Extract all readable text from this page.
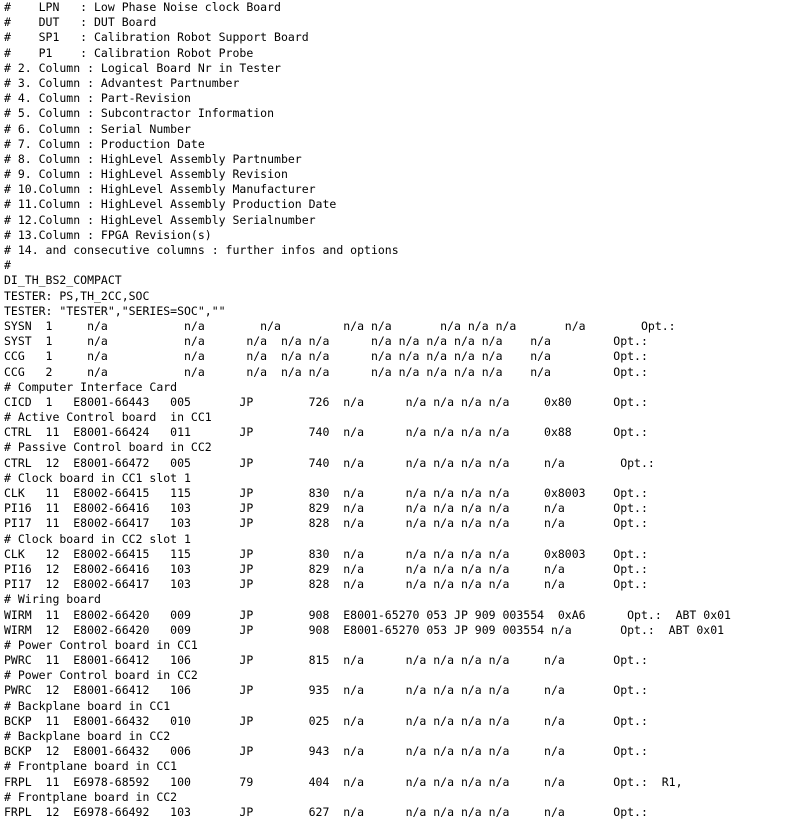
#    LPN   : Low Phase Noise clock Board
#    DUT   : DUT Board
#    SP1   : Calibration Robot Support Board
#    P1    : Calibration Robot Probe
# 2. Column : Logical Board Nr in Tester
# 3. Column : Advantest Partnumber
# 4. Column : Part-Revision
# 5. Column : Subcontractor Information
# 6. Column : Serial Number
# 7. Column : Production Date
# 8. Column : HighLevel Assembly Partnumber
# 9. Column : HighLevel Assembly Revision
# 10.Column : HighLevel Assembly Manufacturer
# 11.Column : HighLevel Assembly Production Date
# 12.Column : HighLevel Assembly Serialnumber
# 13.Column : FPGA Revision(s)
# 14. and consecutive columns : further infos and options
#
DI_TH_BS2_COMPACT
TESTER: PS,TH_2CC,SOC
TESTER: "TESTER","SERIES=SOC",""
SYSN  1     n/a           n/a        n/a         n/a n/a       n/a n/a n/a       n/a        Opt.:
SYST  1     n/a           n/a      n/a  n/a n/a      n/a n/a n/a n/a n/a    n/a         Opt.:
CCG   1     n/a           n/a      n/a  n/a n/a      n/a n/a n/a n/a n/a    n/a         Opt.:
CCG   2     n/a           n/a      n/a  n/a n/a      n/a n/a n/a n/a n/a    n/a         Opt.:
# Computer Interface Card
CICD  1   E8001-66443   005       JP        726  n/a      n/a n/a n/a n/a     0x80      Opt.:
# Active Control board  in CC1
CTRL  11  E8001-66424   011       JP        740  n/a      n/a n/a n/a n/a     0x88      Opt.:
# Passive Control board in CC2
CTRL  12  E8001-66472   005       JP        740  n/a      n/a n/a n/a n/a     n/a        Opt.:
# Clock board in CC1 slot 1
CLK   11  E8002-66415   115       JP        830  n/a      n/a n/a n/a n/a     0x8003    Opt.:
PI16  11  E8002-66416   103       JP        829  n/a      n/a n/a n/a n/a     n/a       Opt.:
PI17  11  E8002-66417   103       JP        828  n/a      n/a n/a n/a n/a     n/a       Opt.:
# Clock board in CC2 slot 1
CLK   12  E8002-66415   115       JP        830  n/a      n/a n/a n/a n/a     0x8003    Opt.:
PI16  12  E8002-66416   103       JP        829  n/a      n/a n/a n/a n/a     n/a       Opt.:
PI17  12  E8002-66417   103       JP        828  n/a      n/a n/a n/a n/a     n/a       Opt.:
# Wiring board
WIRM  11  E8002-66420   009       JP        908  E8001-65270 053 JP 909 003554  0xA6      Opt.:  ABT 0x01
WIRM  12  E8002-66420   009       JP        908  E8001-65270 053 JP 909 003554 n/a       Opt.:  ABT 0x01
# Power Control board in CC1
PWRC  11  E8001-66412   106       JP        815  n/a      n/a n/a n/a n/a     n/a       Opt.:
# Power Control board in CC2
PWRC  12  E8001-66412   106       JP        935  n/a      n/a n/a n/a n/a     n/a       Opt.:
# Backplane board in CC1
BCKP  11  E8001-66432   010       JP        025  n/a      n/a n/a n/a n/a     n/a       Opt.:
# Backplane board in CC2
BCKP  12  E8001-66432   006       JP        943  n/a      n/a n/a n/a n/a     n/a       Opt.:
# Frontplane board in CC1
FRPL  11  E6978-68592   100       79        404  n/a      n/a n/a n/a n/a     n/a       Opt.:  R1,
# Frontplane board in CC2
FRPL  12  E6978-66492   103       JP        627  n/a      n/a n/a n/a n/a     n/a       Opt.:
